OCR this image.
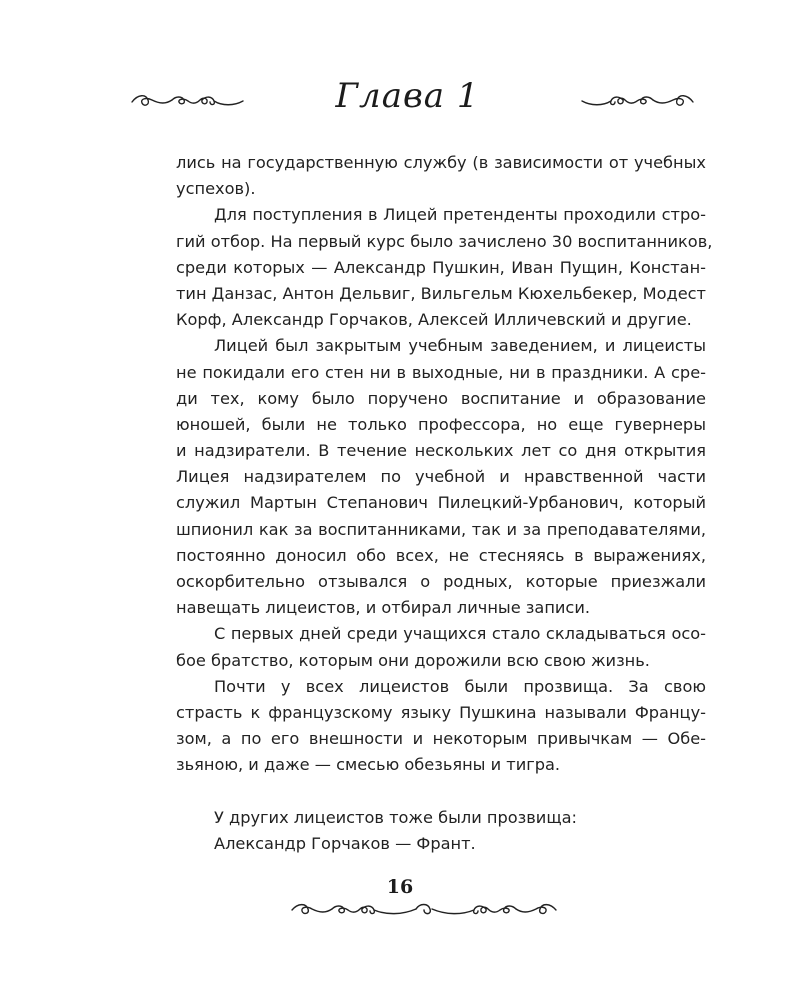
Глава 1
лись на государственную службу (в зависимости от учебных
успехов).
Для поступления в Лицей претенденты проходили стро-
гий отбор. На первый курс было зачислено 30 воспитанников,
среди которых — Александр Пушкин, Иван Пущин, Констан-
тин Данзас, Антон Дельвиг, Вильгельм Кюхельбекер, Модест
Корф, Александр Горчаков, Алексей Илличевский и другие.
Лицей был закрытым учебным заведением, и лицеисты
не покидали его стен ни в выходные, ни в праздники. А сре-
ди тех, кому было поручено воспитание и образование
юношей, были не только профессора, но еще гувернеры
и надзиратели. В течение нескольких лет со дня открытия
Лицея надзирателем по учебной и нравственной части
служил Мартын Степанович Пилецкий-Урбанович, который
шпионил как за воспитанниками, так и за преподавателями,
постоянно доносил обо всех, не стесняясь в выражениях,
оскорбительно отзывался о родных, которые приезжали
навещать лицеистов, и отбирал личные записи.
С первых дней среди учащихся стало складываться осо-
бое братство, которым они дорожили всю свою жизнь.
Почти у всех лицеистов были прозвища. За свою
страсть к французскому языку Пушкина называли Францу-
зом, а по его внешности и некоторым привычкам — Обе-
зьяною, и даже — смесью обезьяны и тигра.
У других лицеистов тоже были прозвища:
Александр Горчаков — Франт.
16
